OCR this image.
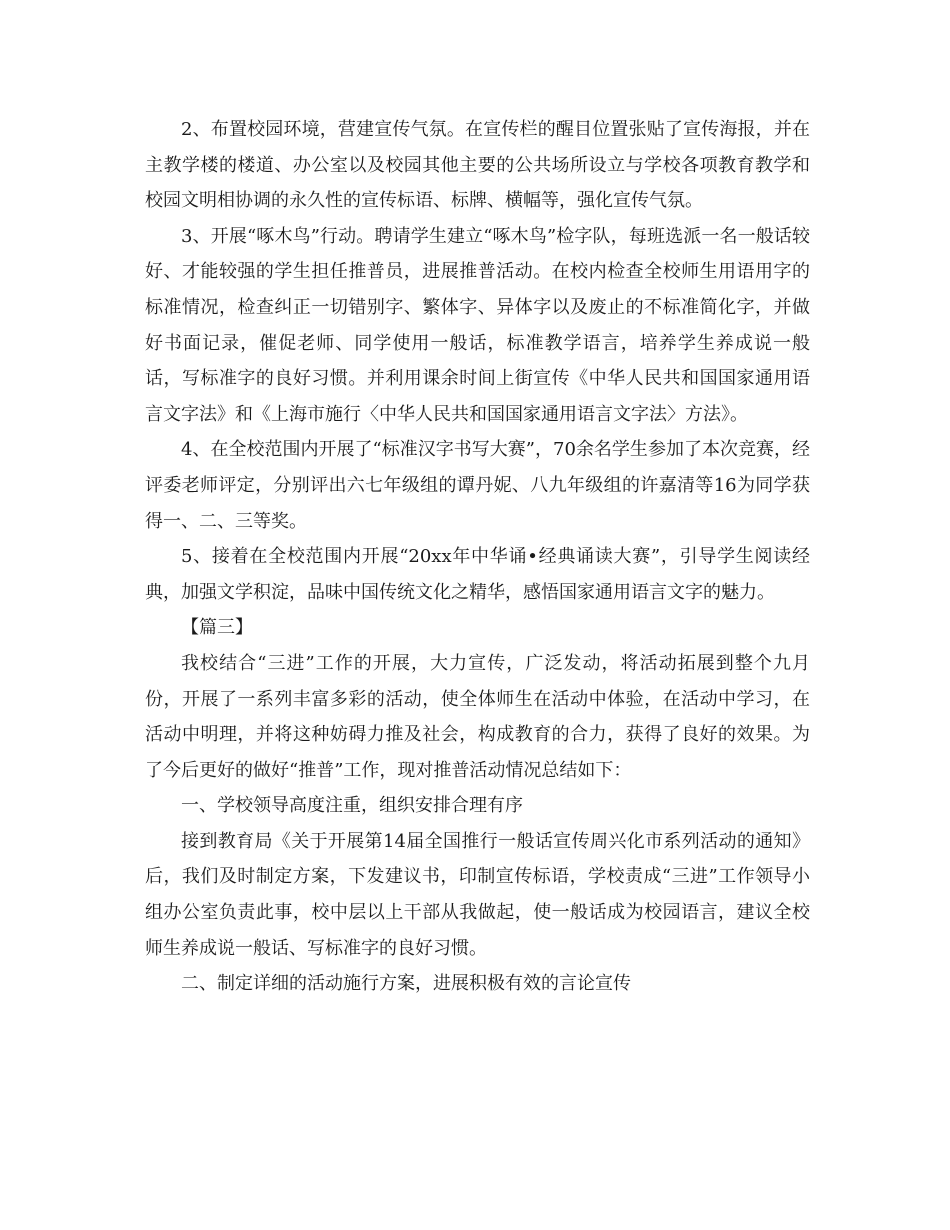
2、布置校园环境，营建宣传气氛。在宣传栏的醒目位置张贴了宣传海报，并在主教学楼的楼道、办公室以及校园其他主要的公共场所设立与学校各项教育教学和校园文明相协调的永久性的宣传标语、标牌、横幅等，强化宣传气氛。

3、开展“啄木鸟”行动。聘请学生建立“啄木鸟”检字队，每班选派一名一般话较好、才能较强的学生担任推普员，进展推普活动。在校内检查全校师生用语用字的标准情况，检查纠正一切错别字、繁体字、异体字以及废止的不标准简化字，并做好书面记录，催促老师、同学使用一般话，标准教学语言，培养学生养成说一般话，写标准字的良好习惯。并利用课余时间上街宣传《中华人民共和国国家通用语言文字法》和《上海市施行〈中华人民共和国国家通用语言文字法〉方法》。

4、在全校范围内开展了“标准汉字书写大赛”，70余名学生参加了本次竞赛，经评委老师评定，分别评出六七年级组的谭丹妮、八九年级组的许嘉清等16为同学获得一、二、三等奖。

5、接着在全校范围内开展“20xx年中华诵•经典诵读大赛”，引导学生阅读经典，加强文学积淀，品味中国传统文化之精华，感悟国家通用语言文字的魅力。

【篇三】

我校结合“三进”工作的开展，大力宣传，广泛发动，将活动拓展到整个九月份，开展了一系列丰富多彩的活动，使全体师生在活动中体验，在活动中学习，在活动中明理，并将这种妨碍力推及社会，构成教育的合力，获得了良好的效果。为了今后更好的做好“推普”工作，现对推普活动情况总结如下：

一、学校领导高度注重，组织安排合理有序

接到教育局《关于开展第14届全国推行一般话宣传周兴化市系列活动的通知》后，我们及时制定方案，下发建议书，印制宣传标语，学校责成“三进”工作领导小组办公室负责此事，校中层以上干部从我做起，使一般话成为校园语言，建议全校师生养成说一般话、写标准字的良好习惯。

二、制定详细的活动施行方案，进展积极有效的言论宣传
